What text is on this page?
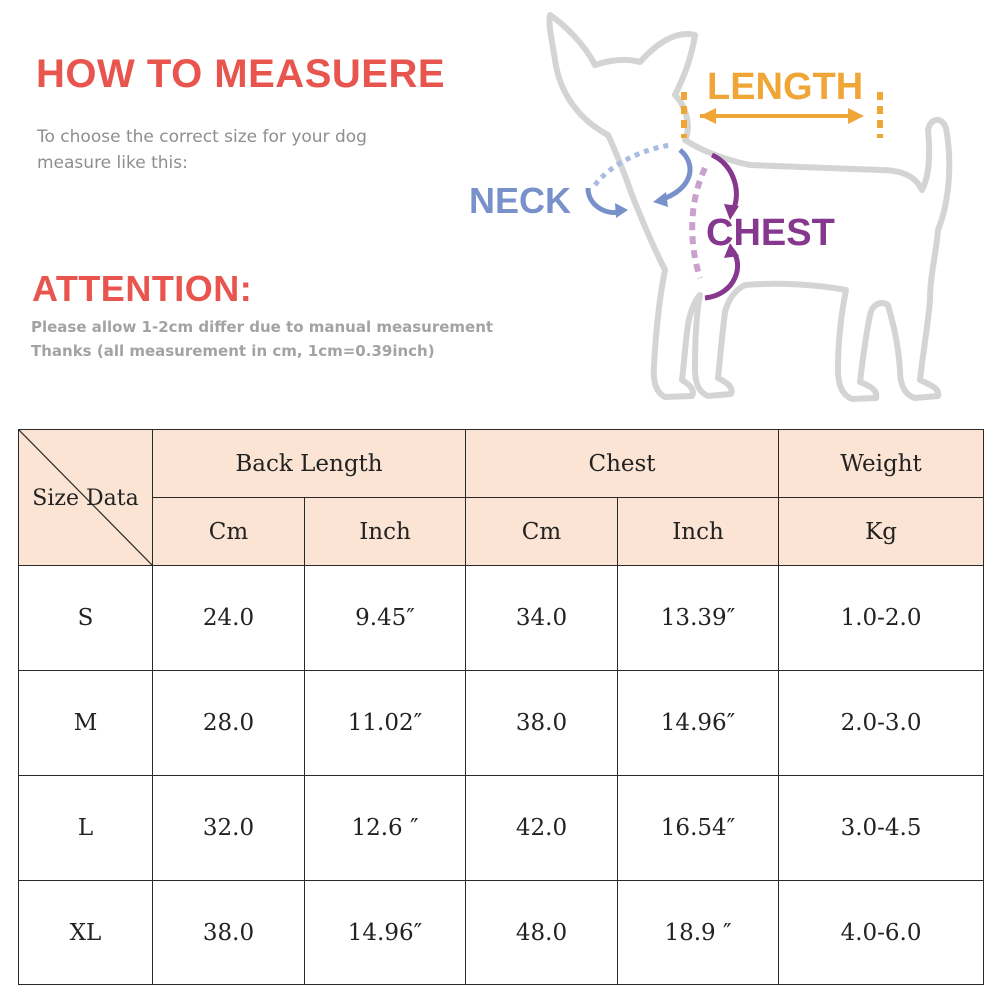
HOW TO MEASUERE

To choose the correct size for your dog

measure like this:

ATTENTION:

Please allow 1-2cm differ due to manual measurement

Thanks (all measurement in cm, 1cm=0.39inch)

LENGTH

NECK

CHEST

Size Data	Back Length		Chest		Weight
	Cm	Inch	Cm	Inch	Kg
S	24.0	9.45″	34.0	13.39″	1.0-2.0
M	28.0	11.02″	38.0	14.96″	2.0-3.0
L	32.0	12.6 ″	42.0	16.54″	3.0-4.5
XL	38.0	14.96″	48.0	18.9 ″	4.0-6.0
